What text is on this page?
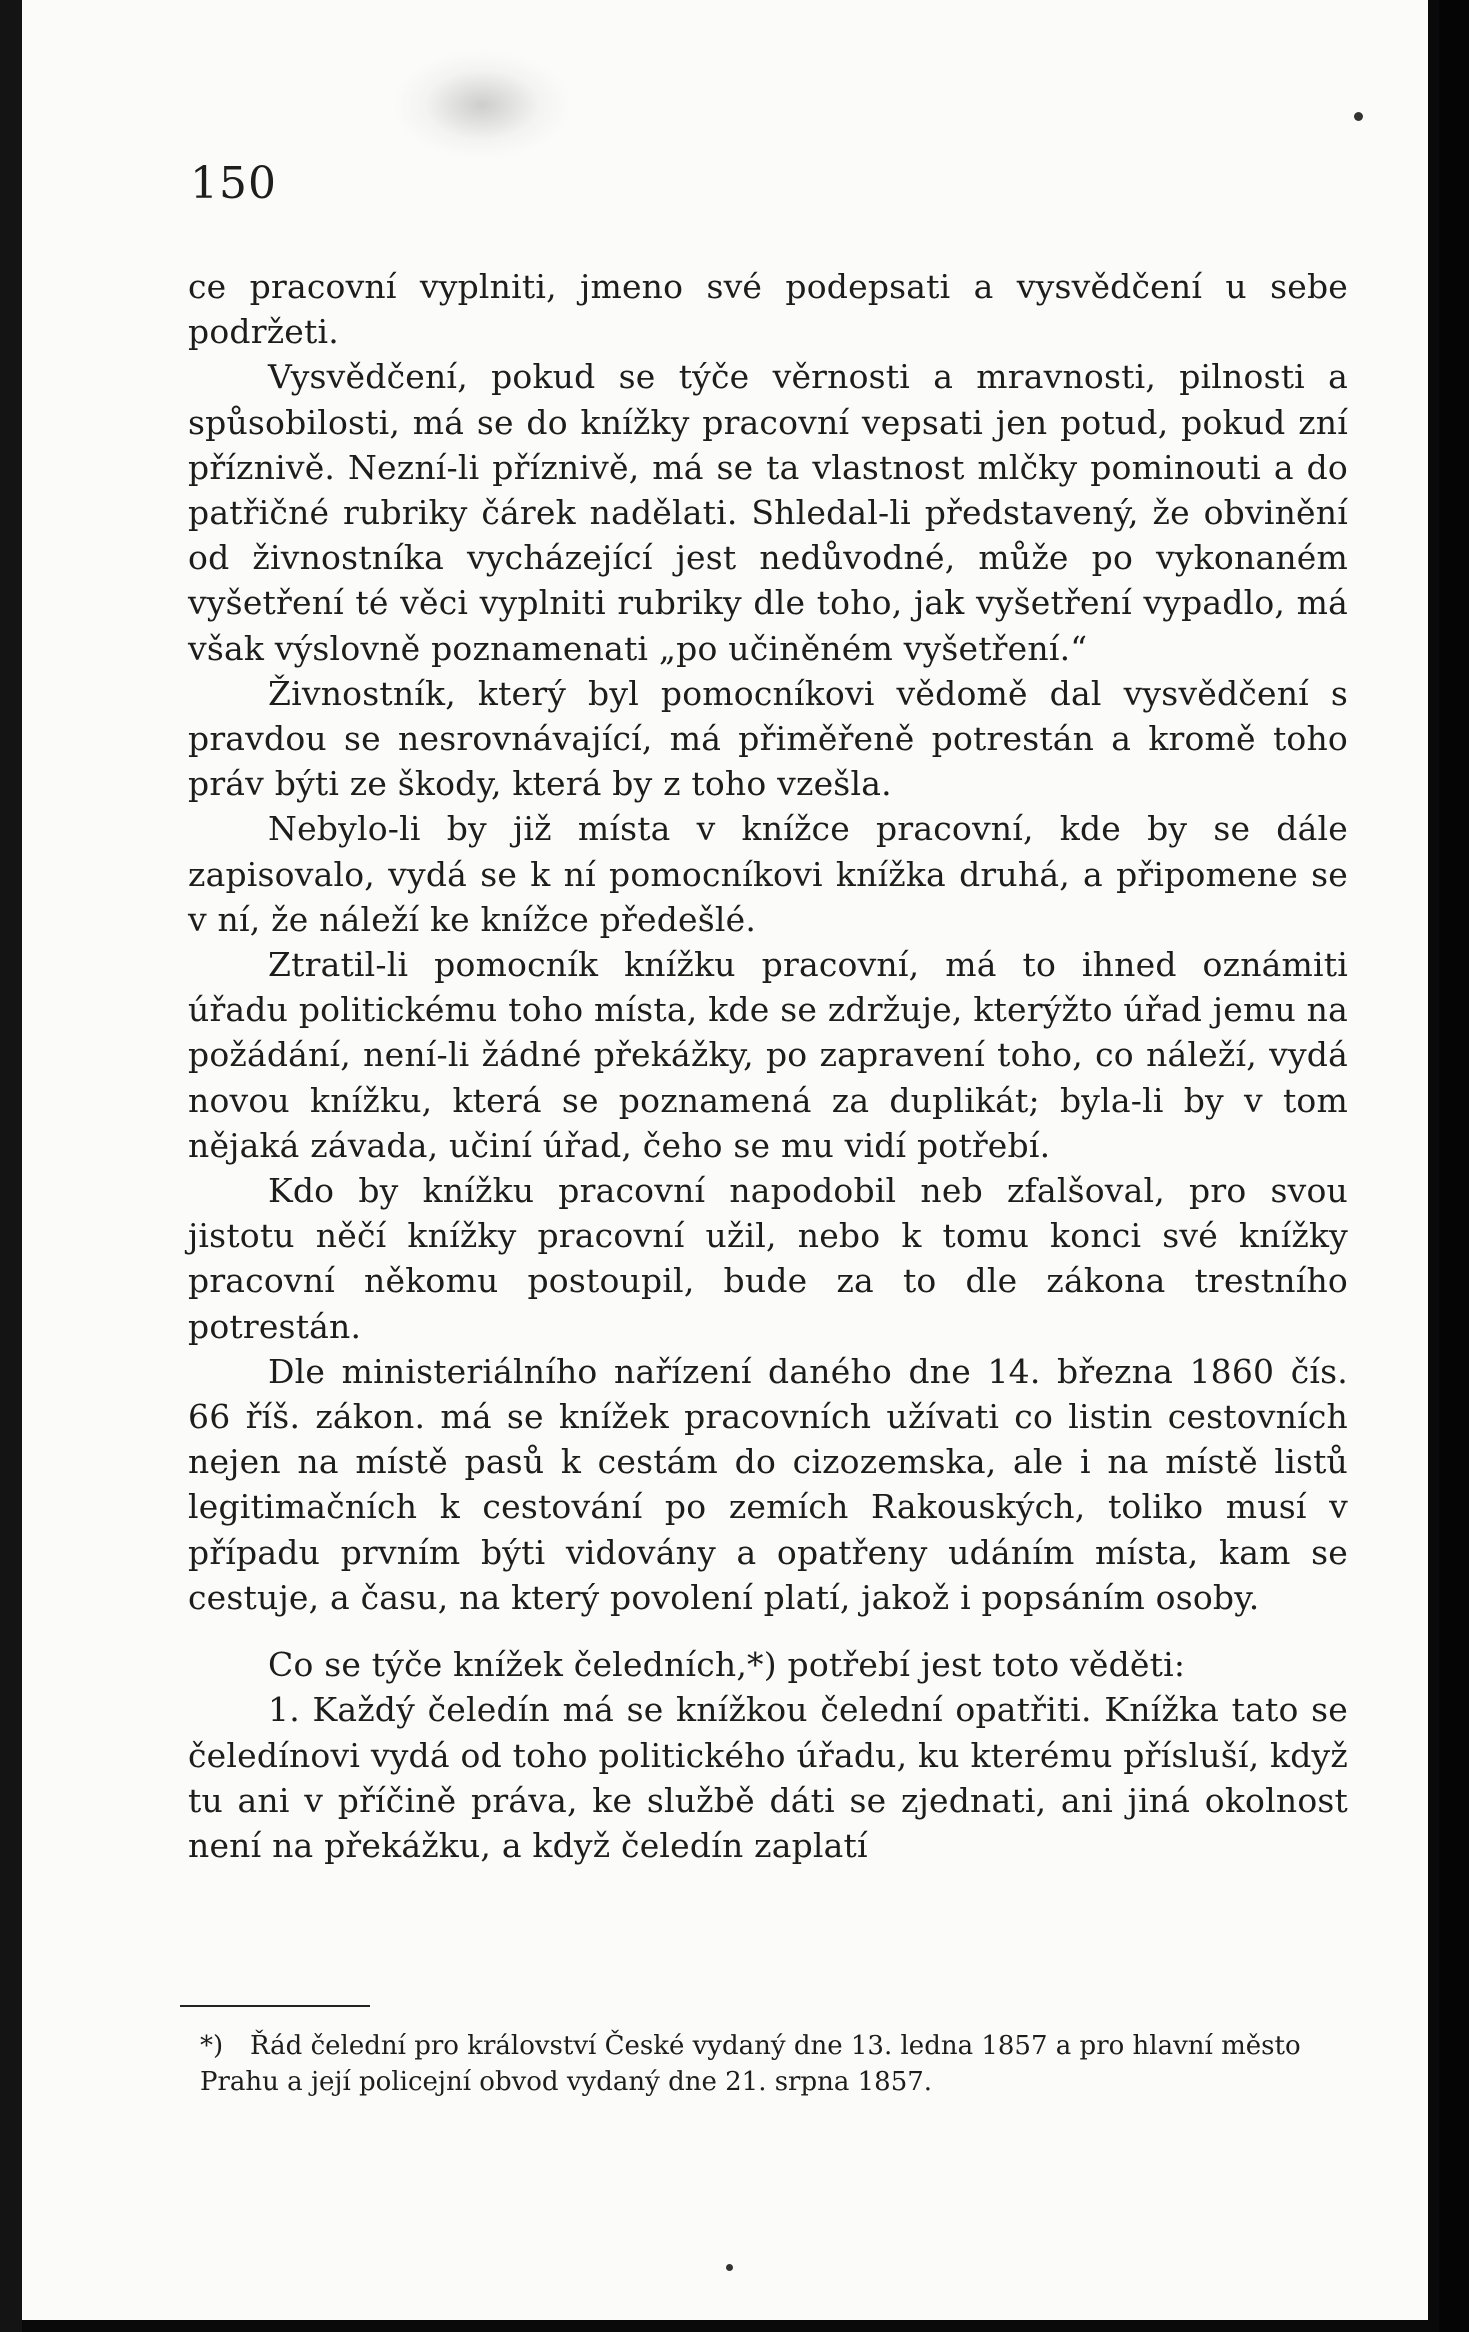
150

ce pracovní vyplniti, jmeno své podepsati a vysvědčení u sebe podržeti.

Vysvědčení, pokud se týče věrnosti a mravnosti, pilnosti a spůsobilosti, má se do knížky pracovní vepsati jen potud, pokud zní příznivě. Nezní-li příznivě, má se ta vlastnost mlčky pominouti a do patřičné rubriky čárek nadělati. Shledal-li představený, že obvinění od živnostníka vycházející jest nedůvodné, může po vykonaném vyšetření té věci vyplniti rubriky dle toho, jak vyšetření vypadlo, má však výslovně poznamenati „po učiněném vyšetření.“

Živnostník, který byl pomocníkovi vědomě dal vysvědčení s pravdou se nesrovnávající, má přiměřeně potrestán a kromě toho práv býti ze škody, která by z toho vzešla.

Nebylo-li by již místa v knížce pracovní, kde by se dále zapisovalo, vydá se k ní pomocníkovi knížka druhá, a připomene se v ní, že náleží ke knížce předešlé.

Ztratil-li pomocník knížku pracovní, má to ihned oznámiti úřadu politickému toho místa, kde se zdržuje, kterýžto úřad jemu na požádání, není-li žádné překážky, po zapravení toho, co náleží, vydá novou knížku, která se poznamená za duplikát; byla-li by v tom nějaká závada, učiní úřad, čeho se mu vidí potřebí.

Kdo by knížku pracovní napodobil neb zfalšoval, pro svou jistotu něčí knížky pracovní užil, nebo k tomu konci své knížky pracovní někomu postoupil, bude za to dle zákona trestního potrestán.

Dle ministeriálního nařízení daného dne 14. března 1860 čís. 66 říš. zákon. má se knížek pracovních užívati co listin cestovních nejen na místě pasů k cestám do cizozemska, ale i na místě listů legitimačních k cestování po zemích Rakouských, toliko musí v případu prvním býti vidovány a opatřeny udáním místa, kam se cestuje, a času, na který povolení platí, jakož i popsáním osoby.

Co se týče knížek čeledních,*) potřebí jest toto věděti:

1. Každý čeledín má se knížkou čelední opatřiti. Knížka tato se čeledínovi vydá od toho politického úřadu, ku kterému přísluší, když tu ani v příčině práva, ke službě dáti se zjednati, ani jiná okolnost není na překážku, a když čeledín zaplatí

*) Řád čelední pro království České vydaný dne 13. ledna 1857 a pro hlavní město Prahu a její policejní obvod vydaný dne 21. srpna 1857.
